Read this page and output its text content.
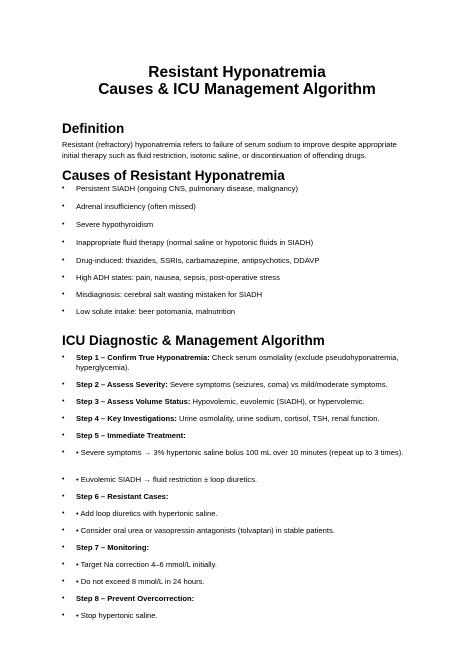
Resistant Hyponatremia
Causes & ICU Management Algorithm
Definition
Resistant (refractory) hyponatremia refers to failure of serum sodium to improve despite appropriate initial therapy such as fluid restriction, isotonic saline, or discontinuation of offending drugs.
Causes of Resistant Hyponatremia
•	Persistent SIADH (ongoing CNS, pulmonary disease, malignancy)
•	Adrenal insufficiency (often missed)
•	Severe hypothyroidism
•	Inappropriate fluid therapy (normal saline or hypotonic fluids in SIADH)
•	Drug-induced: thiazides, SSRIs, carbamazepine, antipsychotics, DDAVP
•	High ADH states: pain, nausea, sepsis, post-operative stress
•	Misdiagnosis: cerebral salt wasting mistaken for SIADH
•	Low solute intake: beer potomania, malnutrition
ICU Diagnostic & Management Algorithm
•	Step 1 – Confirm True Hyponatremia: Check serum osmolality (exclude pseudohyponatremia, hyperglycemia).
•	Step 2 – Assess Severity: Severe symptoms (seizures, coma) vs mild/moderate symptoms.
•	Step 3 – Assess Volume Status: Hypovolemic, euvolemic (SIADH), or hypervolemic.
•	Step 4 – Key Investigations: Urine osmolality, urine sodium, cortisol, TSH, renal function.
•	Step 5 – Immediate Treatment:
•	• Severe symptoms → 3% hypertonic saline bolus 100 mL over 10 minutes (repeat up to 3 times).
•	• Euvolemic SIADH → fluid restriction ± loop diuretics.
•	Step 6 – Resistant Cases:
•	• Add loop diuretics with hypertonic saline.
•	• Consider oral urea or vasopressin antagonists (tolvaptan) in stable patients.
•	Step 7 – Monitoring:
•	• Target Na correction 4–6 mmol/L initially.
•	• Do not exceed 8 mmol/L in 24 hours.
•	Step 8 – Prevent Overcorrection:
•	• Stop hypertonic saline.
